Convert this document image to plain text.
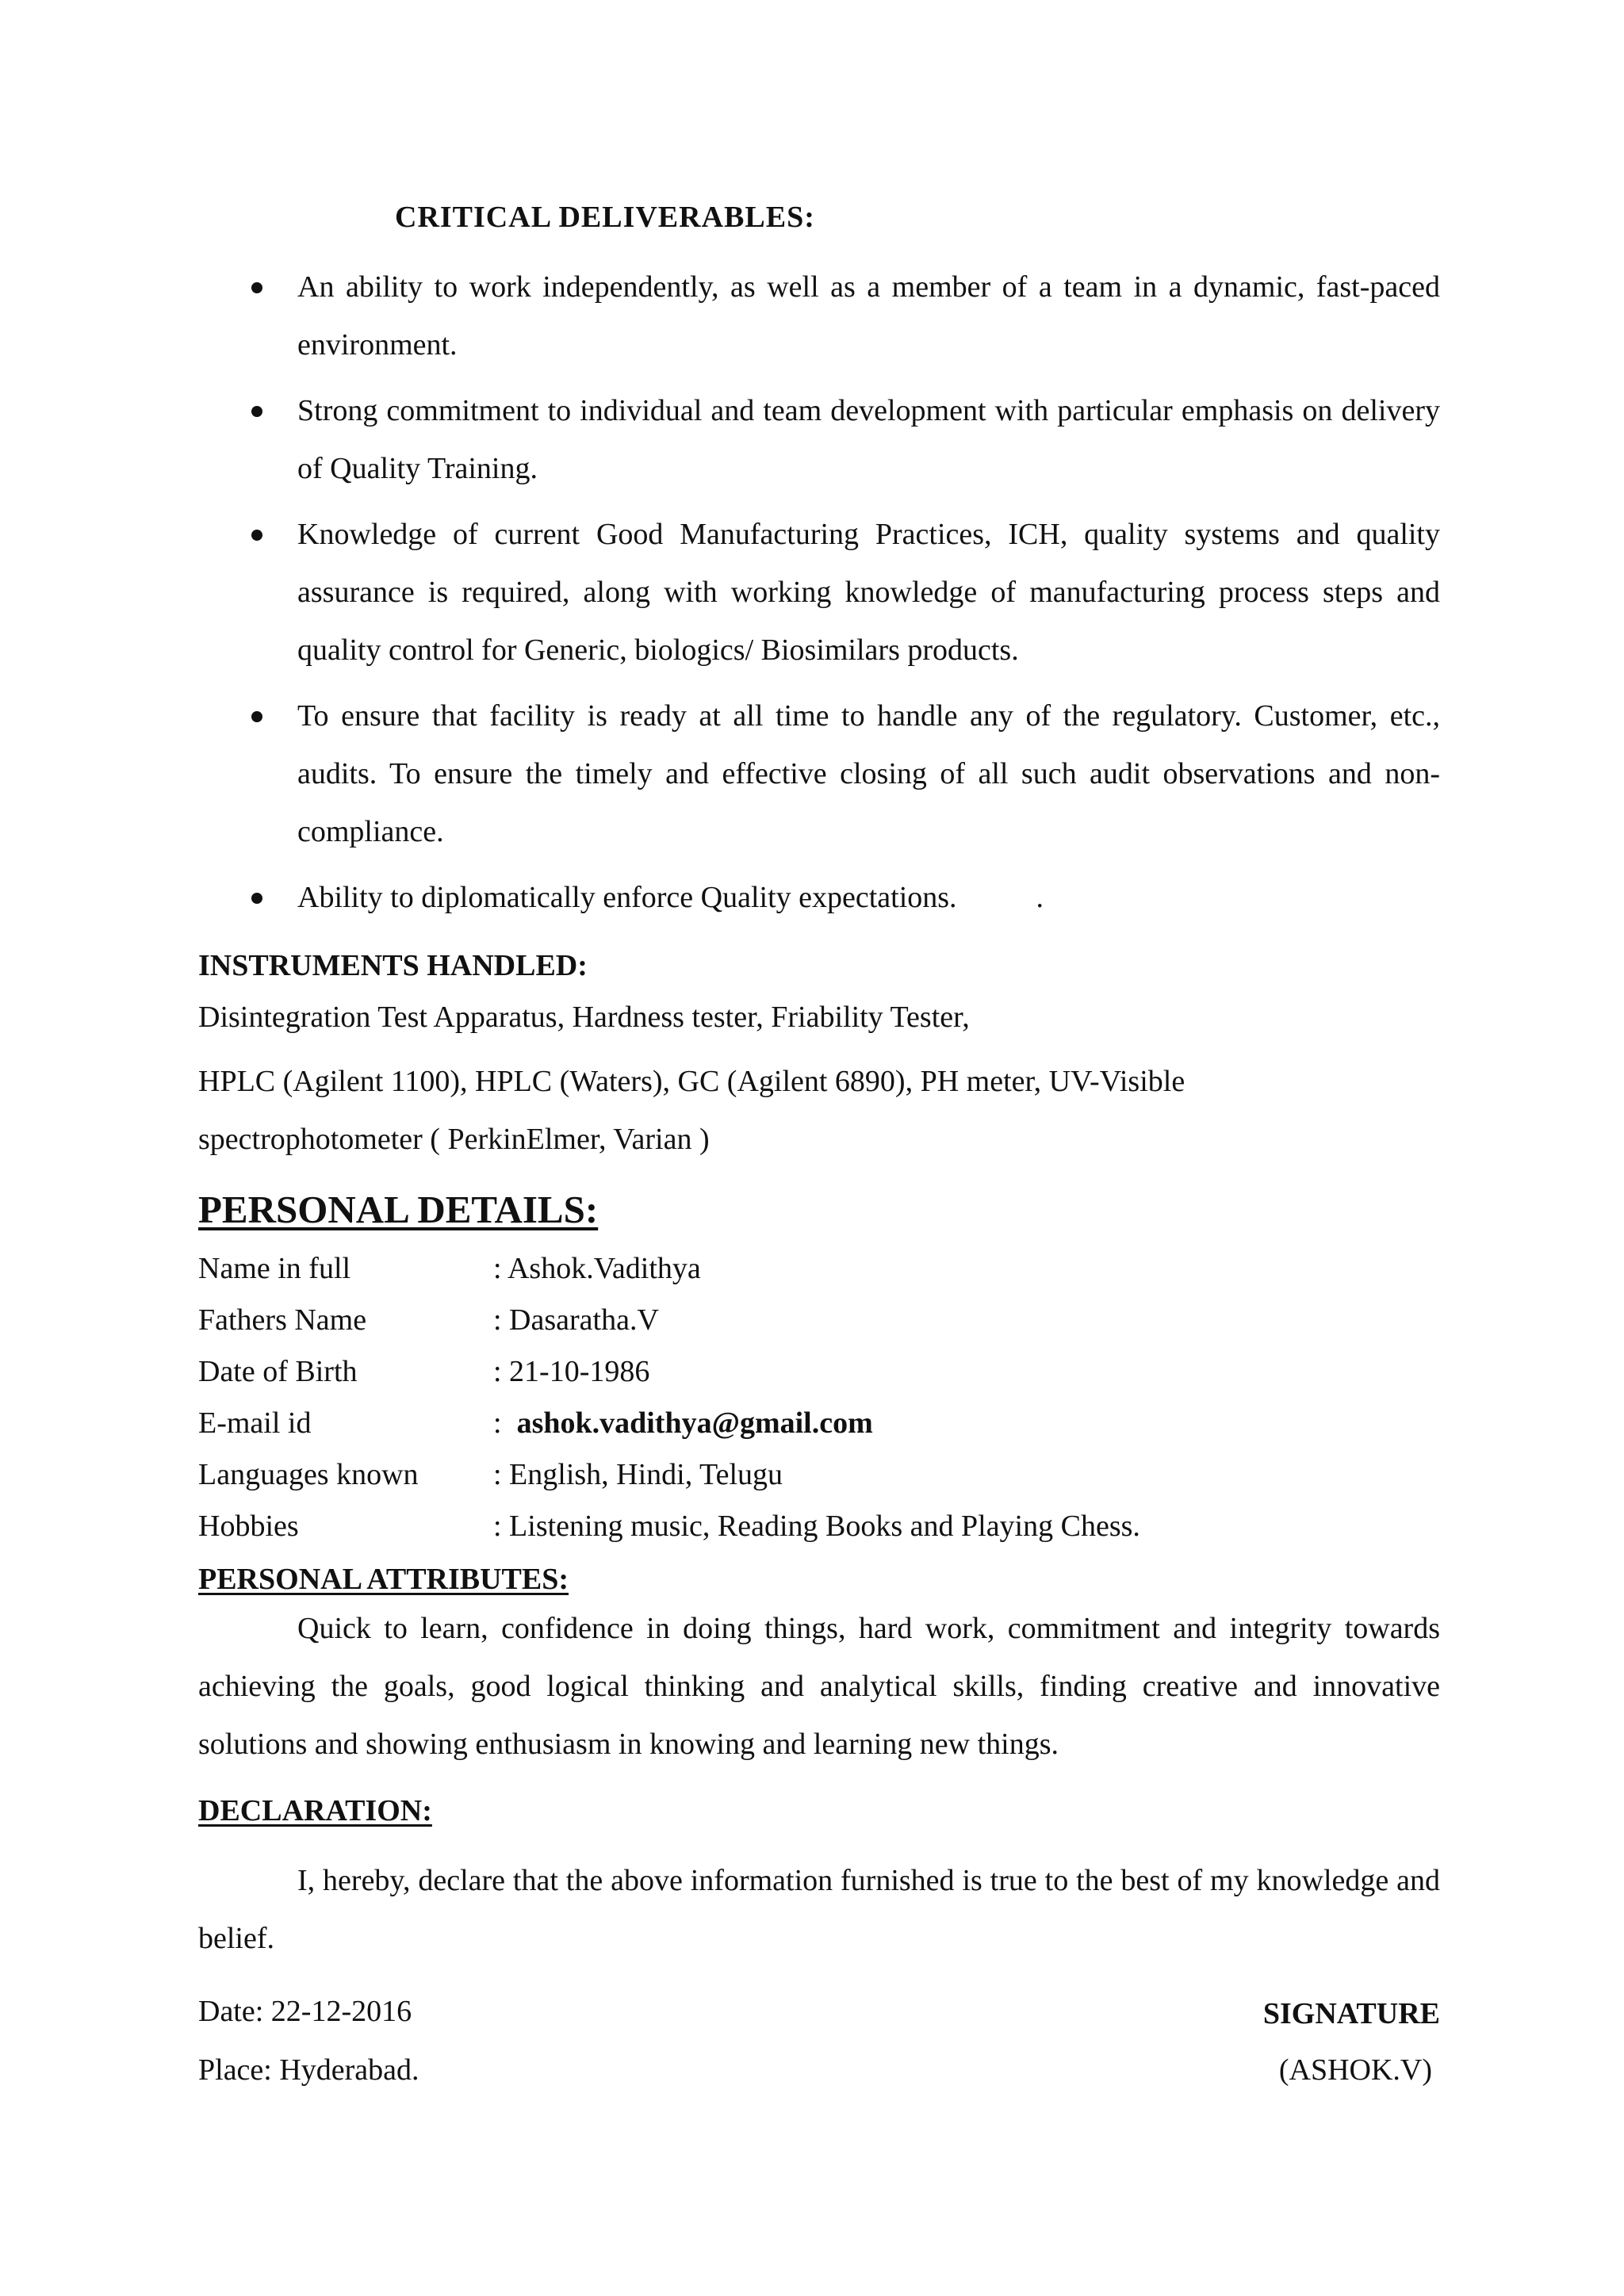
CRITICAL DELIVERABLES:
An ability to work independently, as well as a member of a team in a dynamic, fast-paced environment.
Strong commitment to individual and team development with particular emphasis on delivery of Quality Training.
Knowledge of current Good Manufacturing Practices, ICH, quality systems and quality assurance is required, along with working knowledge of manufacturing process steps and quality control for Generic, biologics/ Biosimilars products.
To ensure that facility is ready at all time to handle any of the regulatory. Customer, etc., audits. To ensure the timely and effective closing of all such audit observations and non-compliance.
Ability to diplomatically enforce Quality expectations.	.
INSTRUMENTS HANDLED:
Disintegration Test Apparatus, Hardness tester, Friability Tester,
HPLC (Agilent 1100), HPLC (Waters), GC (Agilent 6890), PH meter, UV-Visible
spectrophotometer ( PerkinElmer, Varian )
PERSONAL DETAILS:
Name in full	: Ashok.Vadithya
Fathers Name	: Dasaratha.V
Date of Birth	: 21-10-1986
E-mail id	:  ashok.vadithya@gmail.com
Languages known : English, Hindi, Telugu
Hobbies	: Listening music, Reading Books and Playing Chess.
PERSONAL ATTRIBUTES:

Quick to learn, confidence in doing things, hard work, commitment and integrity towards achieving the goals, good logical thinking and analytical skills, finding creative and innovative solutions and showing enthusiasm in knowing and learning new things.

DECLARATION:

I, hereby, declare that the above information furnished is true to the best of my knowledge and belief.

Date: 22-12-2016
Place: Hyderabad.
SIGNATURE
(ASHOK.V)
